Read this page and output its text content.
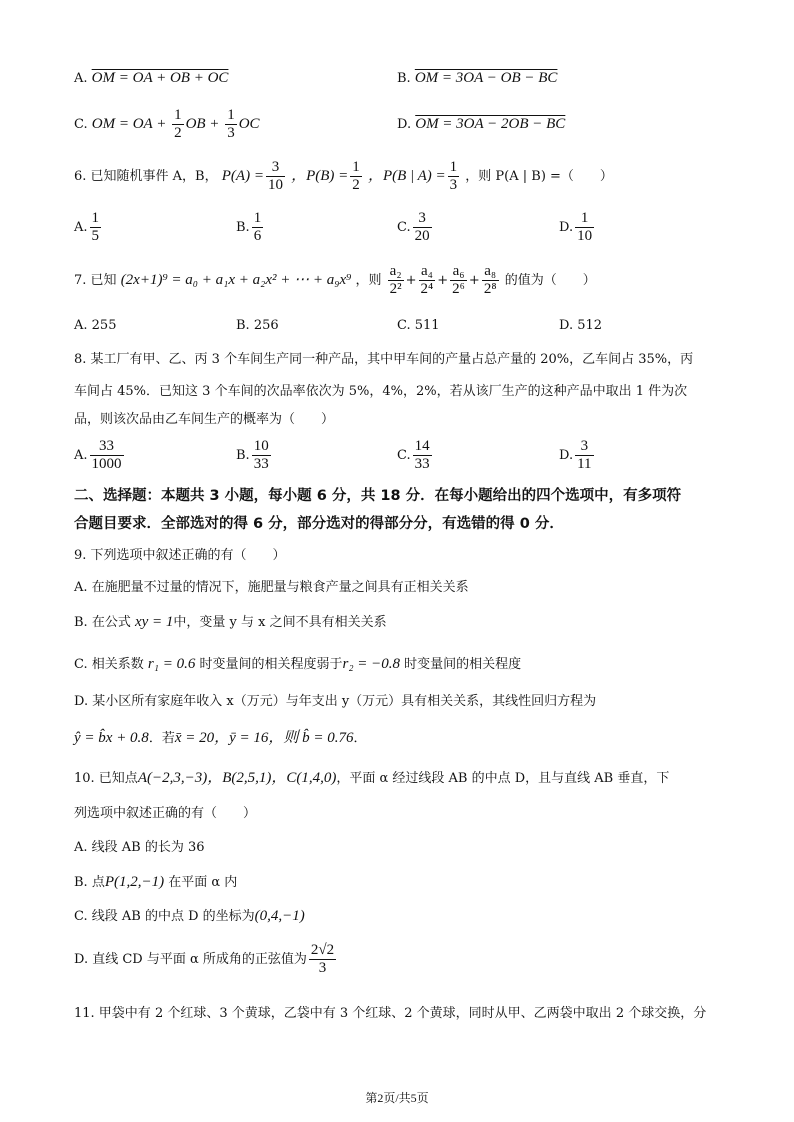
A. OM = OA + OB + OC	B. OM = 3OA − OB − BC
C. OM = OA + $\frac{1}{2}$ OB + $\frac{1}{3}$ OC	D. OM = 3OA − 2OB − BC
6. 已知随机事件 A，B， $P(A) = \frac{3}{10}$ ，$P(B) = \frac{1}{2}$ ，P(B | $A) = \frac{1}{3}$ ，则 P(A | B) =（　　）
A. $\frac{1}{5}$	B. $\frac{1}{6}$	C. $\frac{3}{20}$	D. $\frac{1}{10}$
7. 已知 (2x+1)⁹ = a₀ + a₁x + a₂x² + ⋯ + a₉x⁹ ，则 $\frac{\text{a₂}}{\text{2²}} + \frac{\text{a₄}}{\text{2⁴}} + \frac{\text{a₆}}{\text{2⁶}} + \frac{\text{a₈}}{\text{2⁸}}$ 的值为（　　）
A. 255	B. 256	C. 511	D. 512
8. 某工厂有甲、乙、丙 3 个车间生产同一种产品，其中甲车间的产量占总产量的 20%，乙车间占 35%，丙
车间占 45%．已知这 3 个车间的次品率依次为 5%，4%，2%，若从该厂生产的这种产品中取出 1 件为次
品，则该次品由乙车间生产的概率为（　　）
A. $\frac{33}{1000}$	B. $\frac{10}{33}$	C. $\frac{14}{33}$	D. $\frac{3}{11}$
二、选择题：本题共 3 小题，每小题 6 分，共 18 分．在每小题给出的四个选项中，有多项符
合题目要求．全部选对的得 6 分，部分选对的得部分分，有选错的得 0 分．
9. 下列选项中叙述正确的有（　　）
A. 在施肥量不过量的情况下，施肥量与粮食产量之间具有正相关关系
B. 在公式 xy = 1中，变量 y 与 x 之间不具有相关关系
C. 相关系数 r₁ = 0.6 时变量间的相关程度弱于r₂ = −0.8 时变量间的相关程度
D. 某小区所有家庭年收入 x（万元）与年支出 y（万元）具有相关关系，其线性回归方程为
ŷ = b̂x + 0.8．若x̄ = 20，ȳ = 16，则 b̂ = 0.76．
10. 已知点A(−2,3,−3)，B(2,5,1)，C(1,4,0)，平面 α 经过线段 AB 的中点 D，且与直线 AB 垂直，下
列选项中叙述正确的有（　　）
A. 线段 AB 的长为 36
B. 点P(1,2,−1) 在平面 α 内
C. 线段 AB 的中点 D 的坐标为(0,4,−1)
D. 直线 CD 与平面 α 所成角的正弦值为 $\frac{2√2}{3}$
11. 甲袋中有 2 个红球、3 个黄球，乙袋中有 3 个红球、2 个黄球，同时从甲、乙两袋中取出 2 个球交换，分
第2页/共5页
